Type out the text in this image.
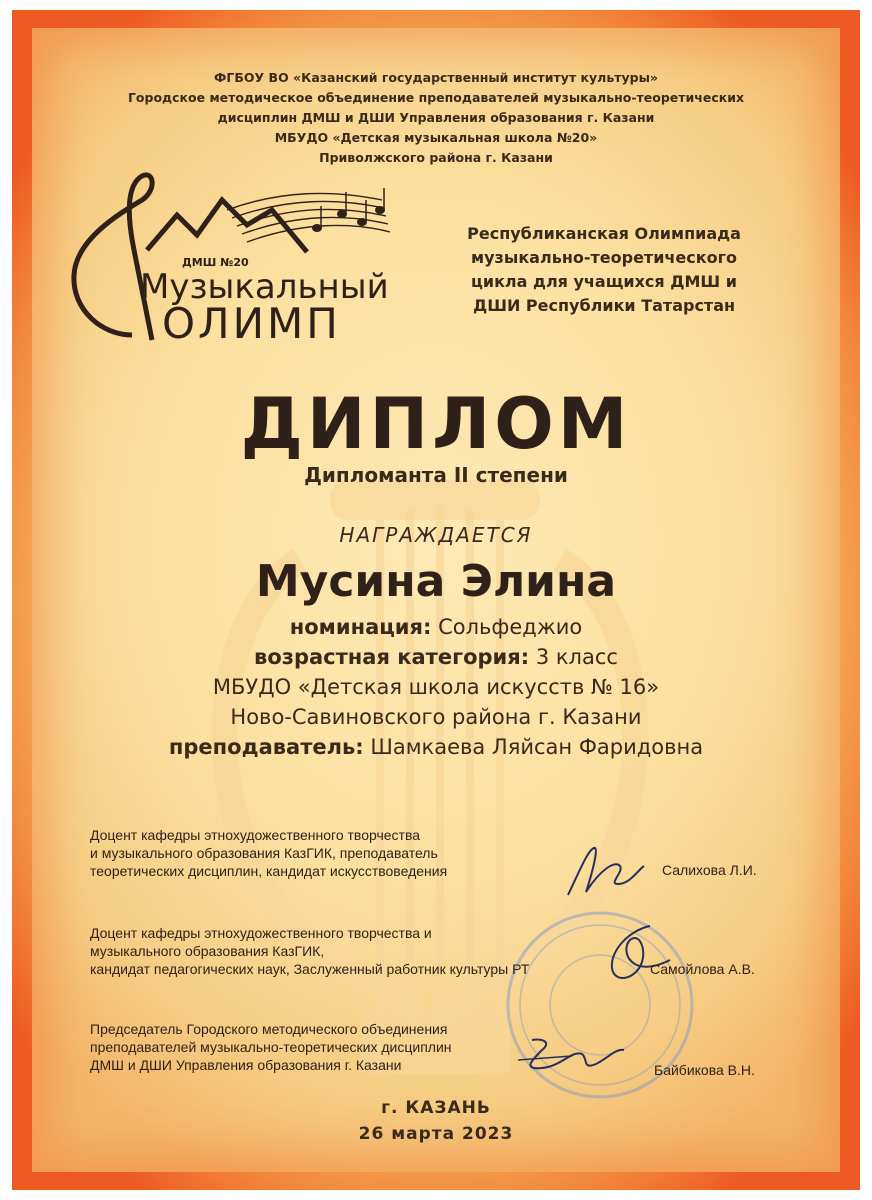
ФГБОУ ВО «Казанский государственный институт культуры»
Городское методическое объединение преподавателей музыкально-теоретических
дисциплин ДМШ и ДШИ Управления образования г. Казани
МБУДО «Детская музыкальная школа №20»
Приволжского района г. Казани
ДМШ №20
Музыкальный
ОЛИМП
Республиканская Олимпиада
музыкально-теоретического
цикла для учащихся ДМШ и
ДШИ Республики Татарстан
ДИПЛОМ
Дипломанта II степени
НАГРАЖДАЕТСЯ
Мусина Элина
номинация: Сольфеджио
возрастная категория: 3 класс
МБУДО «Детская школа искусств № 16»
Ново-Савиновского района г. Казани
преподаватель: Шамкаева Ляйсан Фаридовна
Доцент кафедры этнохудожественного творчества
и музыкального образования КазГИК, преподаватель
теоретических дисциплин, кандидат искусствоведения	Салихова Л.И.
Доцент кафедры этнохудожественного творчества и
музыкального образования КазГИК,
кандидат педагогических наук, Заслуженный работник культуры РТ	Самойлова А.В.
Председатель Городского методического объединения
преподавателей музыкально-теоретических дисциплин
ДМШ и ДШИ Управления образования г. Казани	Байбикова В.Н.
г. КАЗАНЬ
26 марта 2023
